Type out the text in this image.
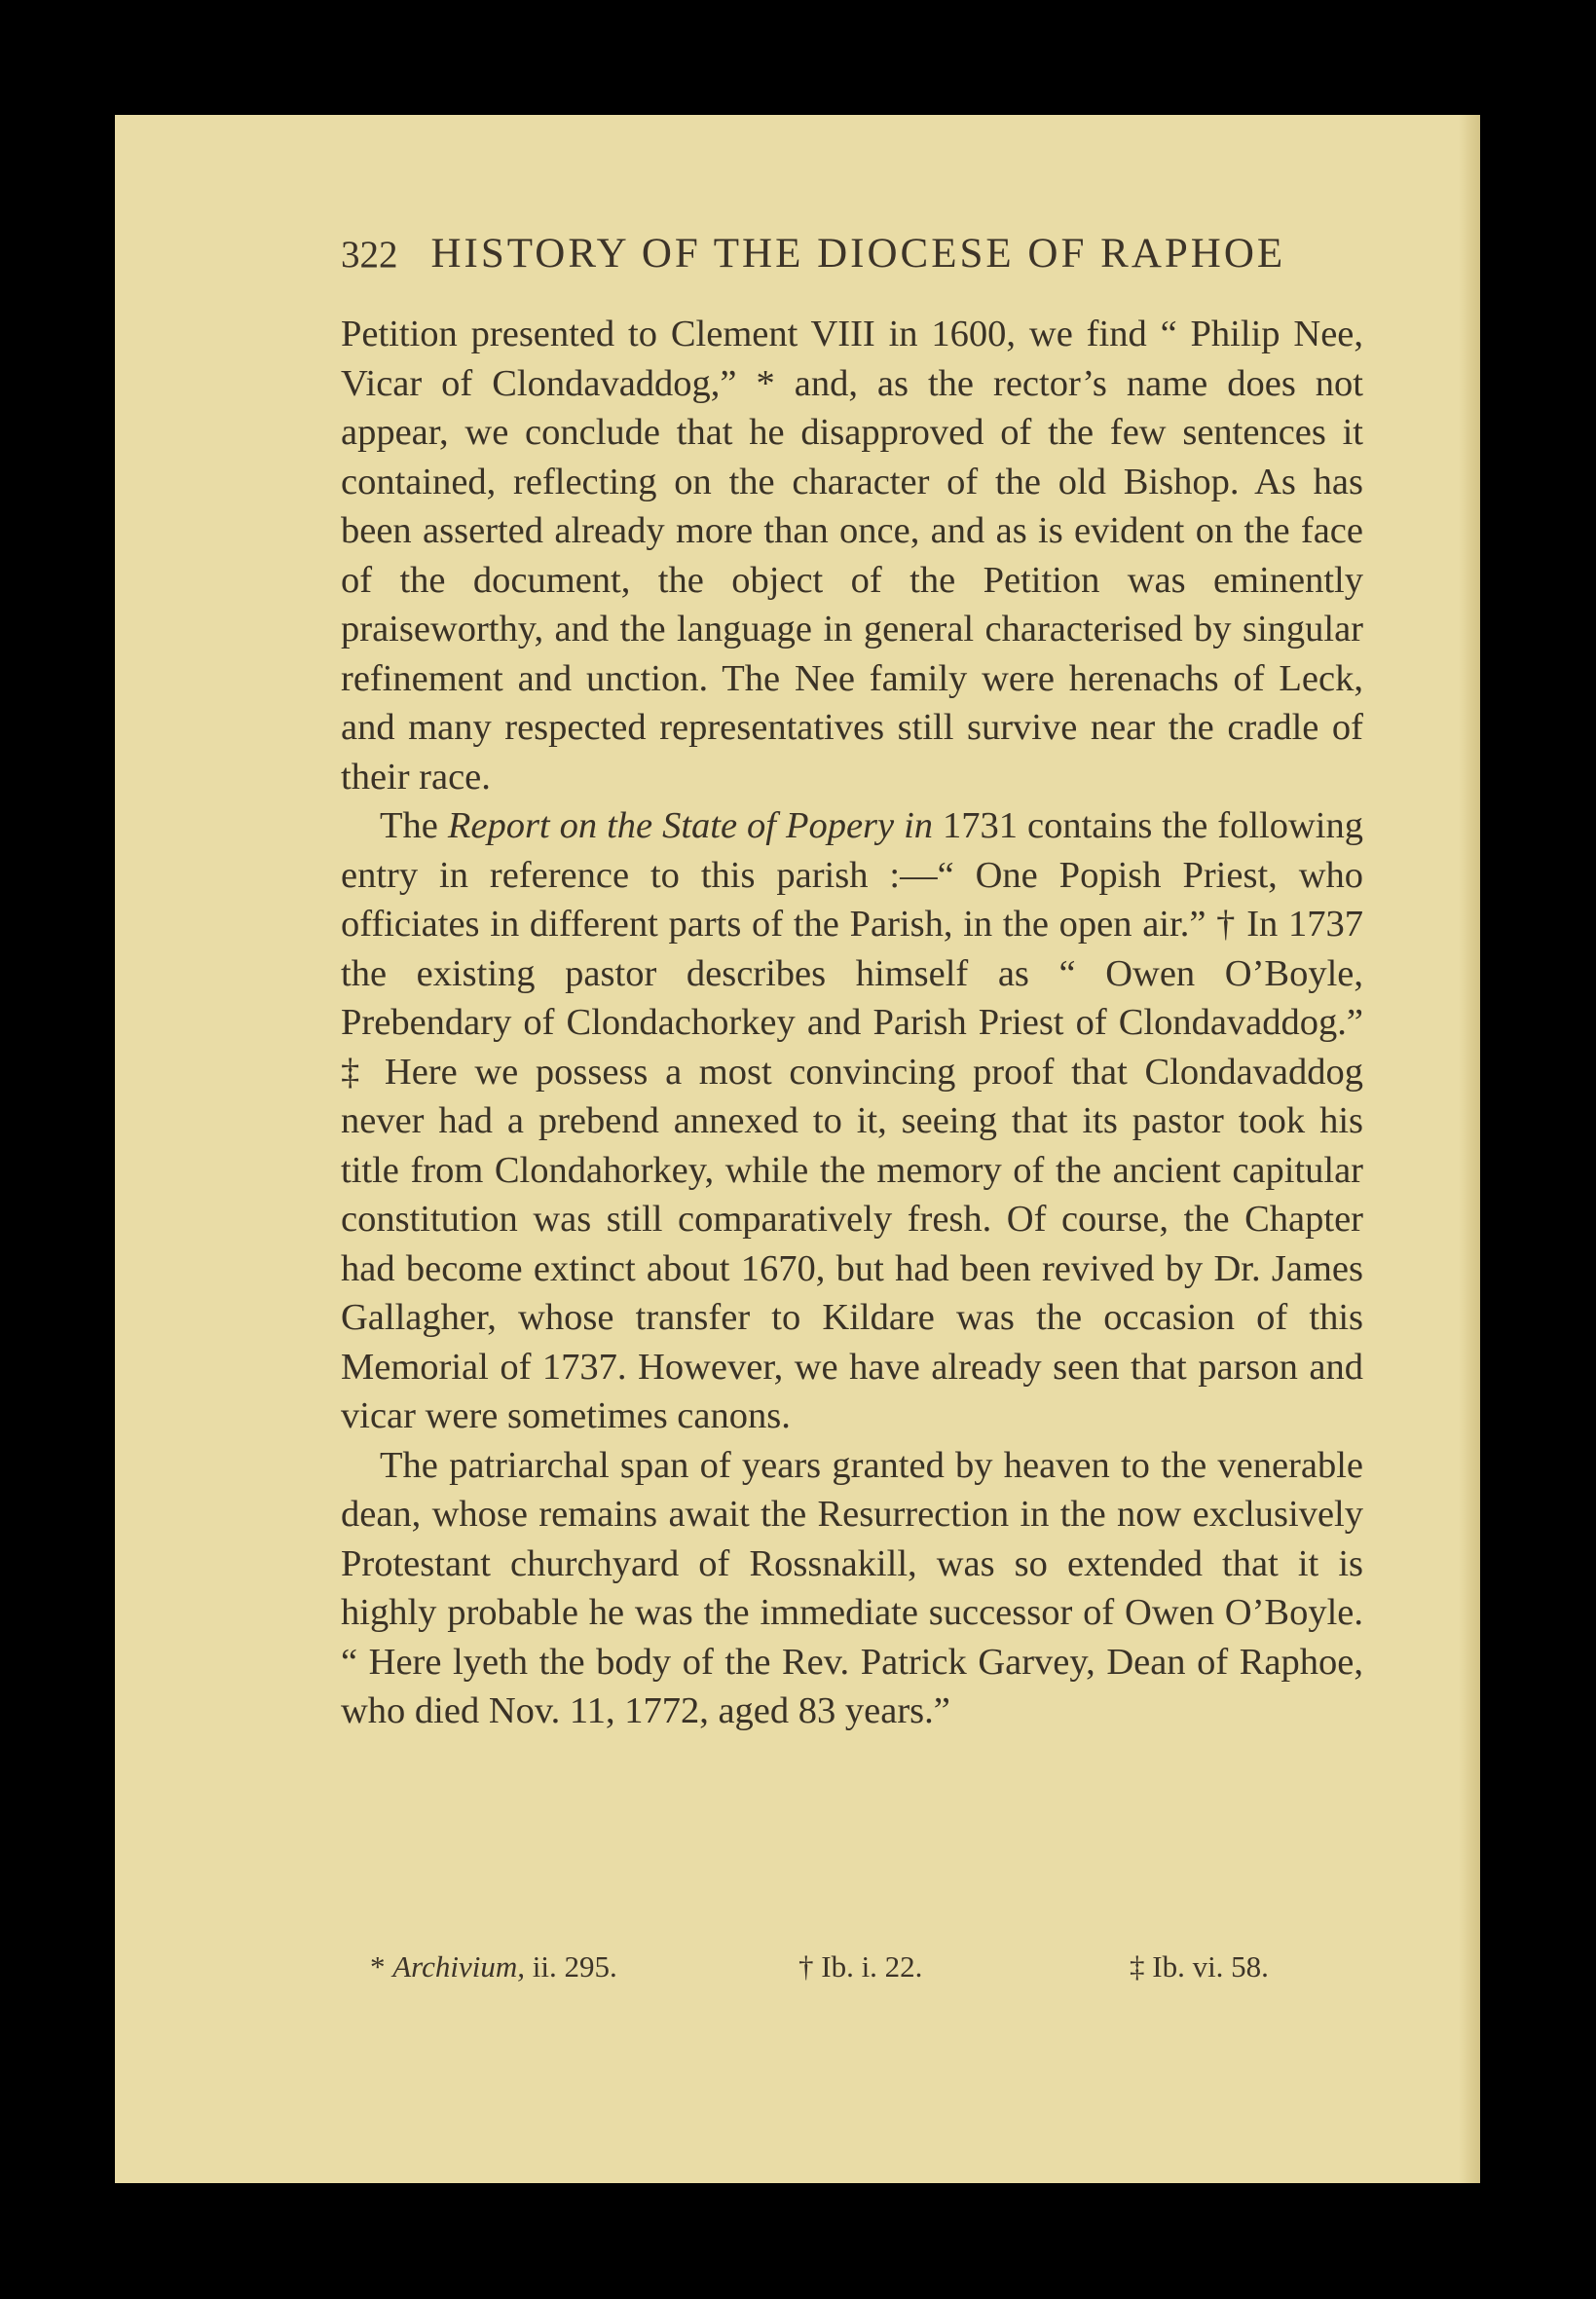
322 HISTORY OF THE DIOCESE OF RAPHOE

Petition presented to Clement VIII in 1600, we find “ Philip Nee, Vicar of Clondavaddog,” * and, as the rector’s name does not appear, we conclude that he disapproved of the few sentences it contained, reflecting on the character of the old Bishop. As has been asserted already more than once, and as is evident on the face of the document, the object of the Petition was eminently praiseworthy, and the language in general characterised by singular refinement and unction. The Nee family were herenachs of Leck, and many respected representatives still survive near the cradle of their race.

The Report on the State of Popery in 1731 contains the following entry in reference to this parish :—“ One Popish Priest, who officiates in different parts of the Parish, in the open air.” † In 1737 the existing pastor describes himself as “ Owen O’Boyle, Prebendary of Clondachorkey and Parish Priest of Clondavaddog.” ‡ Here we possess a most convincing proof that Clondavaddog never had a prebend annexed to it, seeing that its pastor took his title from Clondahorkey, while the memory of the ancient capitular constitution was still comparatively fresh. Of course, the Chapter had become extinct about 1670, but had been revived by Dr. James Gallagher, whose transfer to Kildare was the occasion of this Memorial of 1737. However, we have already seen that parson and vicar were sometimes canons.

The patriarchal span of years granted by heaven to the venerable dean, whose remains await the Resurrection in the now exclusively Protestant churchyard of Rossnakill, was so extended that it is highly probable he was the immediate successor of Owen O’Boyle. “ Here lyeth the body of the Rev. Patrick Garvey, Dean of Raphoe, who died Nov. 11, 1772, aged 83 years.”

* Archivium, ii. 295.	† Ib. i. 22.	‡ Ib. vi. 58.
